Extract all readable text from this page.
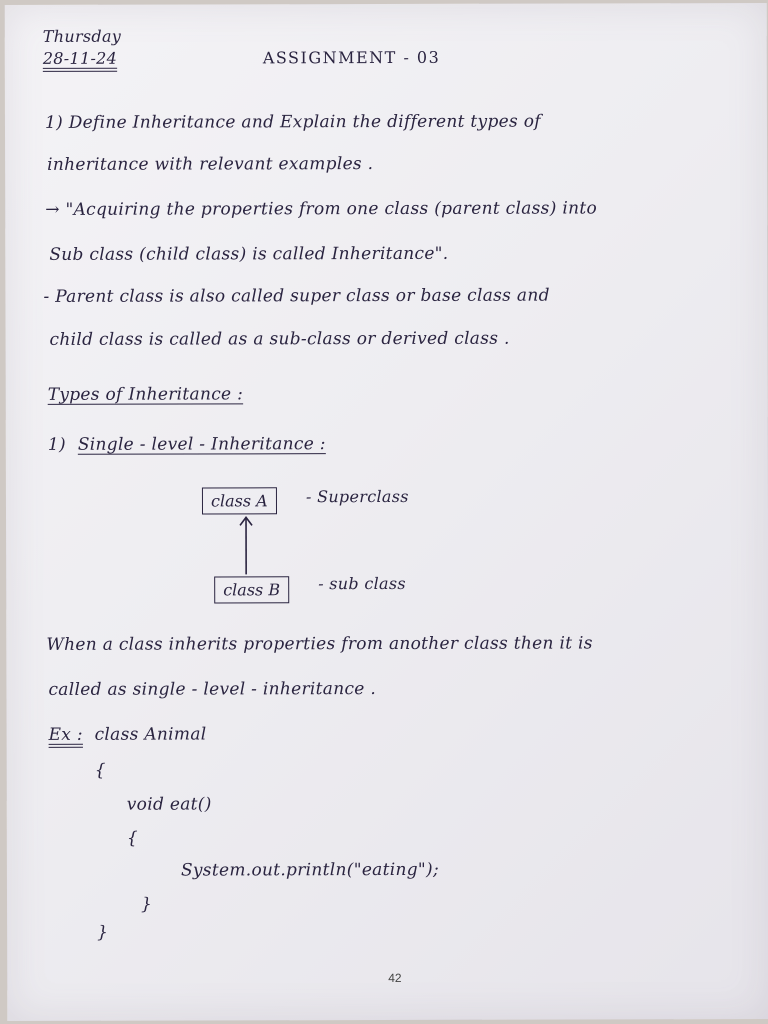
Thursday
28-11-24	ASSIGNMENT - 03
1) Define Inheritance and Explain the different types of
inheritance with relevant examples .
→ "Acquiring the properties from one class (parent class) into
Sub class (child class) is called Inheritance".
- Parent class is also called super class or base class and
child class is called as a sub-class or derived class .
Types of Inheritance :
1) Single - level - Inheritance :
class A	- Superclass
class B	- sub class
When a class inherits properties from another class then it is
called as single - level - inheritance .
Ex : class Animal
{
void eat()
{
System.out.println("eating");
}
}
42
